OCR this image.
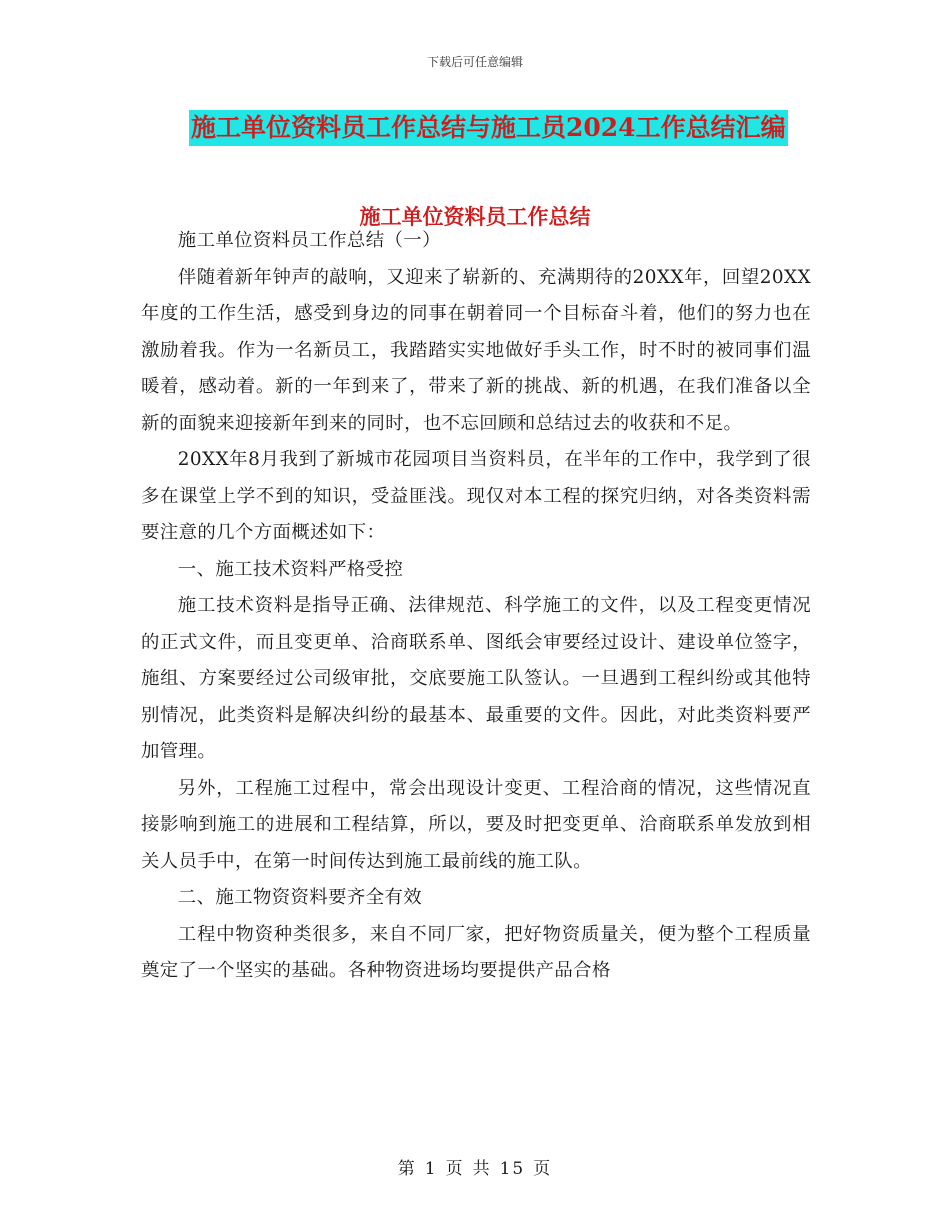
下载后可任意编辑
施工单位资料员工作总结与施工员2024工作总结汇编
施工单位资料员工作总结

施工单位资料员工作总结（一）

伴随着新年钟声的敲响，又迎来了崭新的、充满期待的20XX年，回望20XX年度的工作生活，感受到身边的同事在朝着同一个目标奋斗着，他们的努力也在激励着我。作为一名新员工，我踏踏实实地做好手头工作，时不时的被同事们温暖着，感动着。新的一年到来了，带来了新的挑战、新的机遇，在我们准备以全新的面貌来迎接新年到来的同时，也不忘回顾和总结过去的收获和不足。

20XX年8月我到了新城市花园项目当资料员，在半年的工作中，我学到了很多在课堂上学不到的知识，受益匪浅。现仅对本工程的探究归纳，对各类资料需要注意的几个方面概述如下：

一、施工技术资料严格受控

施工技术资料是指导正确、法律规范、科学施工的文件，以及工程变更情况的正式文件，而且变更单、洽商联系单、图纸会审要经过设计、建设单位签字，施组、方案要经过公司级审批，交底要施工队签认。一旦遇到工程纠纷或其他特别情况，此类资料是解决纠纷的最基本、最重要的文件。因此，对此类资料要严加管理。

另外，工程施工过程中，常会出现设计变更、工程洽商的情况，这些情况直接影响到施工的进展和工程结算，所以，要及时把变更单、洽商联系单发放到相关人员手中，在第一时间传达到施工最前线的施工队。

二、施工物资资料要齐全有效

工程中物资种类很多，来自不同厂家，把好物资质量关，便为整个工程质量奠定了一个坚实的基础。各种物资进场均要提供产品合格

第 1 页 共 15 页
